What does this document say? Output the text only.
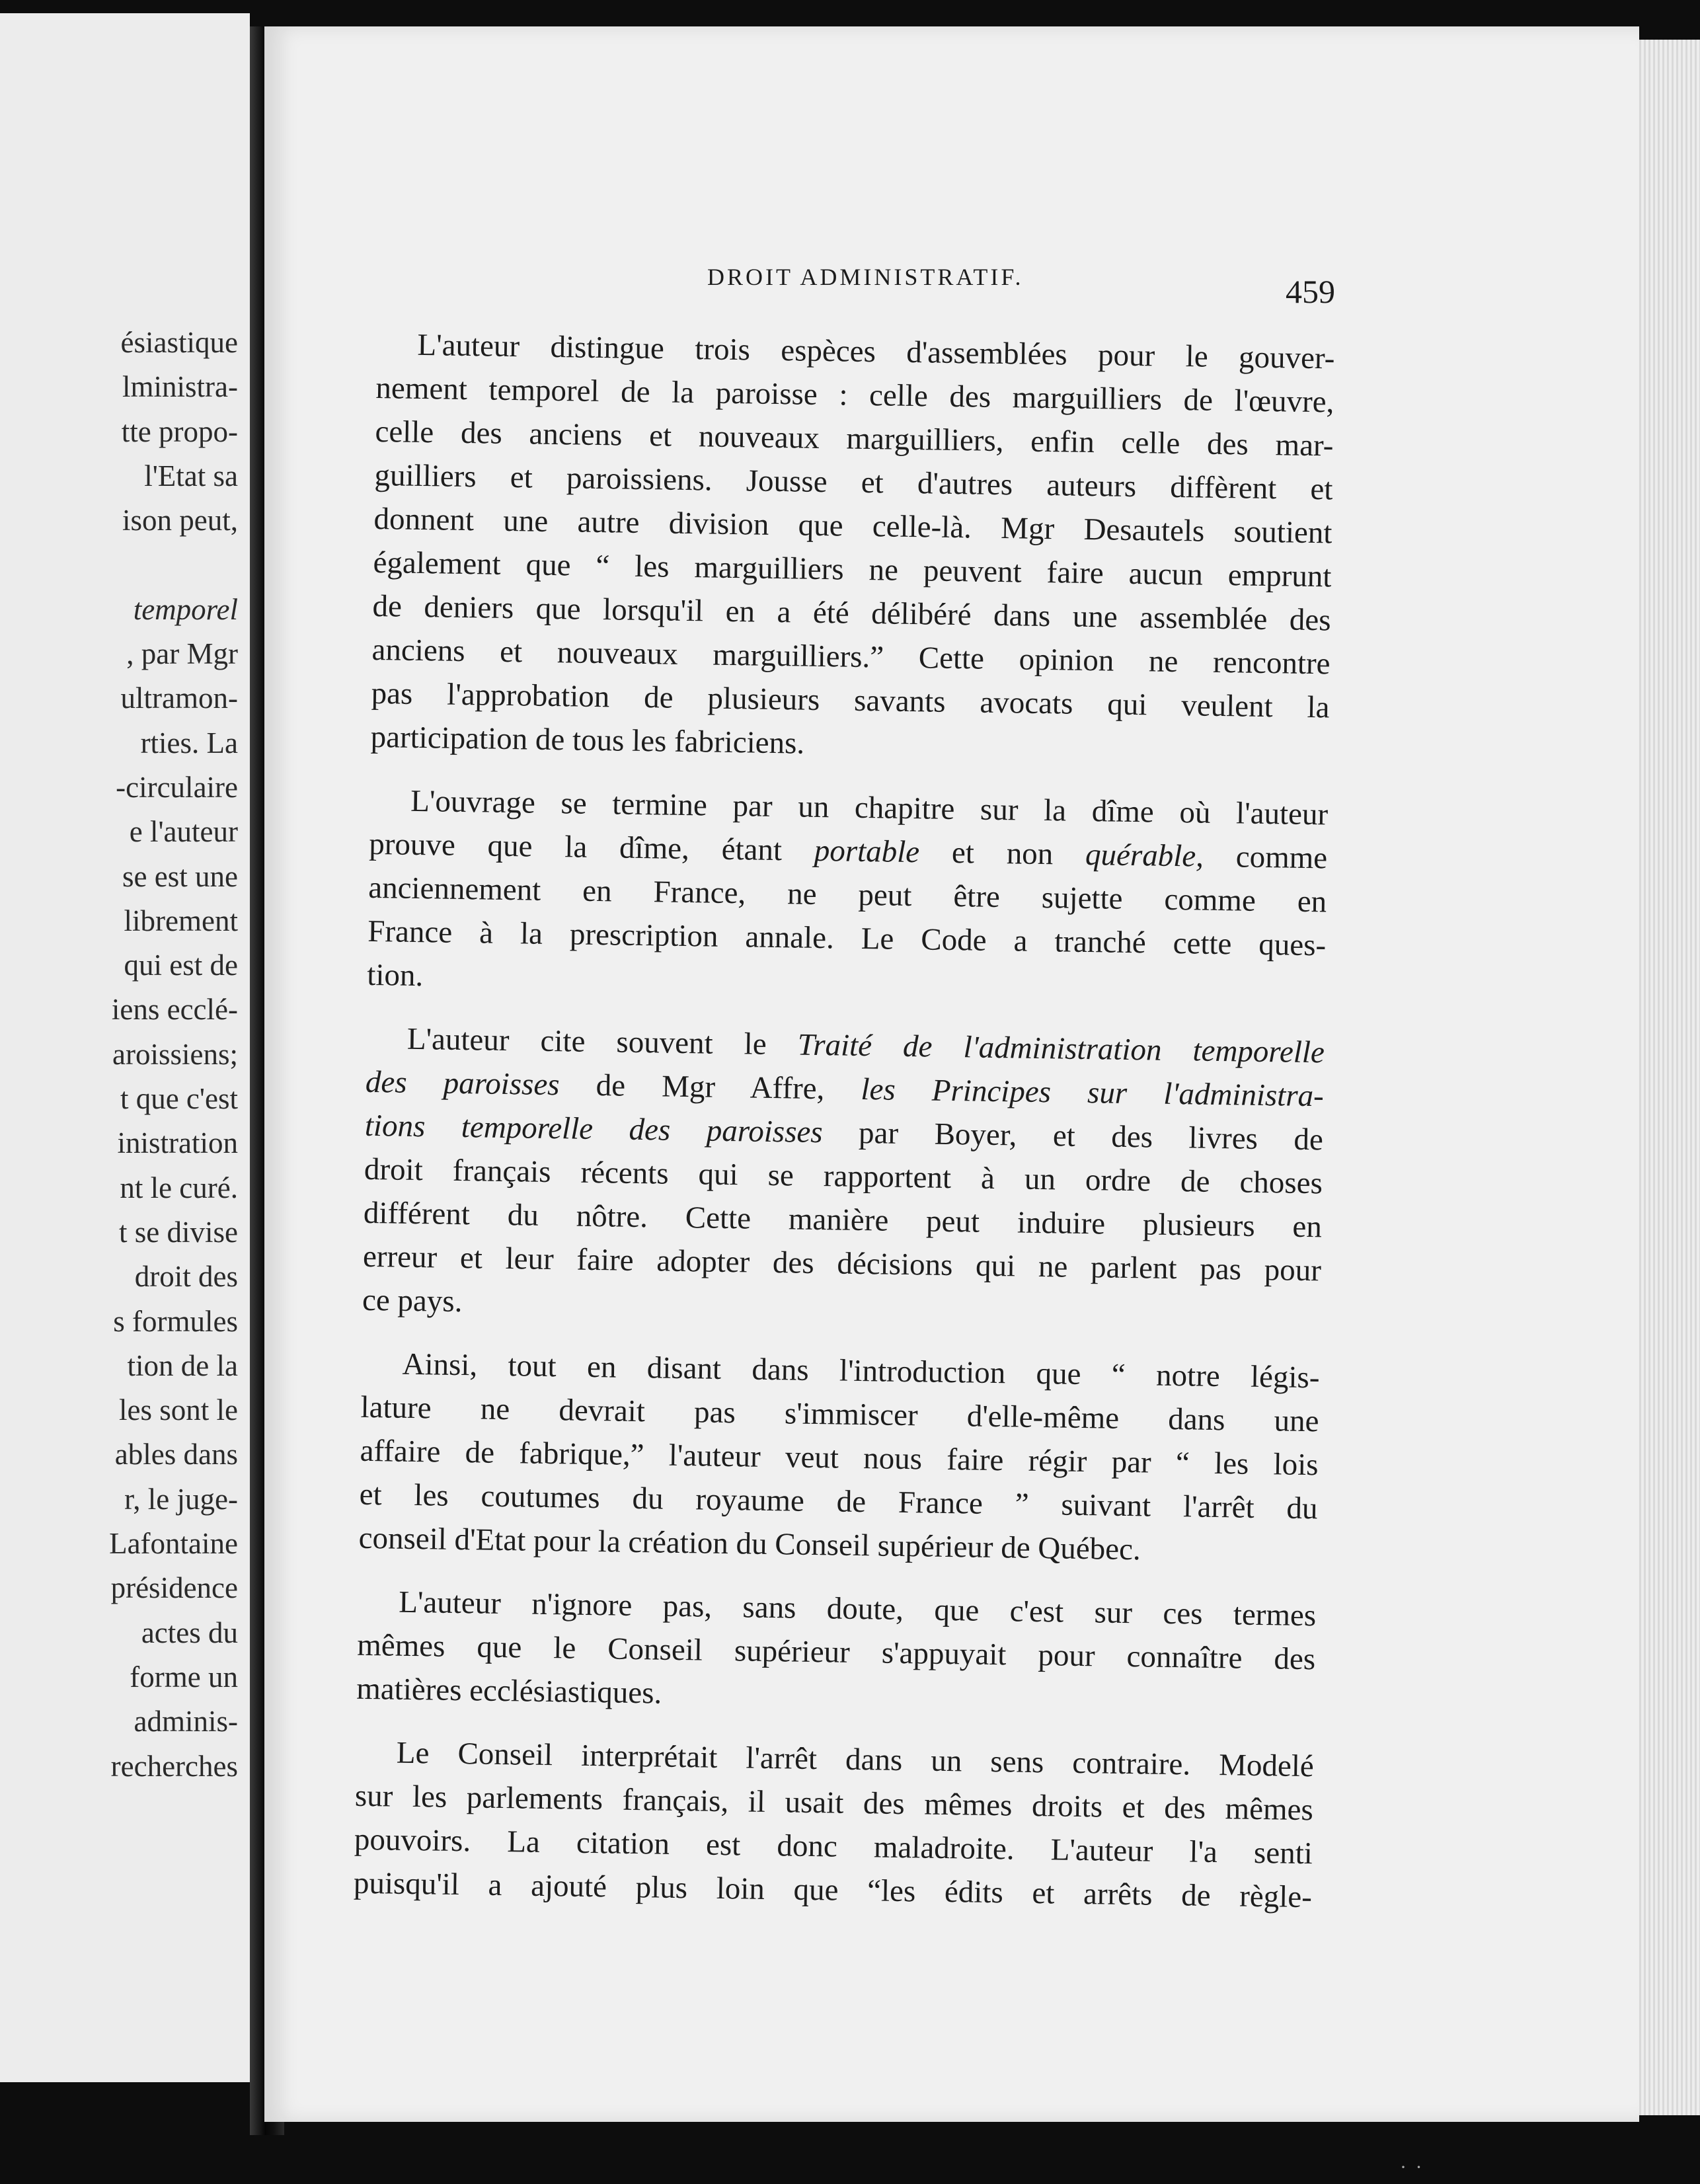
ésiastique
lministra-
tte propo-
l'Etat sa
ison peut,
temporel
, par Mgr
ultramon-
rties. La
-circulaire
e l'auteur
se est une
librement
qui est de
iens ecclé-
aroissiens;
t que c'est
inistration
nt le curé.
t se divise
droit des
s formules
tion de la
les sont le
ables dans
r, le juge-
Lafontaine
présidence
actes du
forme un
adminis-
recherches
DROIT ADMINISTRATIF.	459
L'auteur distingue trois espèces d'assemblées pour le gouver-
nement temporel de la paroisse : celle des marguilliers de l'œuvre,
celle des anciens et nouveaux marguilliers, enfin celle des mar-
guilliers et paroissiens. Jousse et d'autres auteurs diffèrent et
donnent une autre division que celle-là. Mgr Desautels soutient
également que “ les marguilliers ne peuvent faire aucun emprunt
de deniers que lorsqu'il en a été délibéré dans une assemblée des
anciens et nouveaux marguilliers.” Cette opinion ne rencontre
pas l'approbation de plusieurs savants avocats qui veulent la
participation de tous les fabriciens.
L'ouvrage se termine par un chapitre sur la dîme où l'auteur
prouve que la dîme, étant portable et non quérable, comme
anciennement en France, ne peut être sujette comme en
France à la prescription annale. Le Code a tranché cette ques-
tion.
L'auteur cite souvent le Traité de l'administration temporelle
des paroisses de Mgr Affre, les Principes sur l'administra-
tions temporelle des paroisses par Boyer, et des livres de
droit français récents qui se rapportent à un ordre de choses
différent du nôtre. Cette manière peut induire plusieurs en
erreur et leur faire adopter des décisions qui ne parlent pas pour
ce pays.
Ainsi, tout en disant dans l'introduction que “ notre légis-
lature ne devrait pas s'immiscer d'elle-même dans une
affaire de fabrique,” l'auteur veut nous faire régir par “ les lois
et les coutumes du royaume de France ” suivant l'arrêt du
conseil d'Etat pour la création du Conseil supérieur de Québec.
L'auteur n'ignore pas, sans doute, que c'est sur ces termes
mêmes que le Conseil supérieur s'appuyait pour connaître des
matières ecclésiastiques.
Le Conseil interprétait l'arrêt dans un sens contraire. Modelé
sur les parlements français, il usait des mêmes droits et des mêmes
pouvoirs. La citation est donc maladroite. L'auteur l'a senti
puisqu'il a ajouté plus loin que “les édits et arrêts de règle-
· ·
